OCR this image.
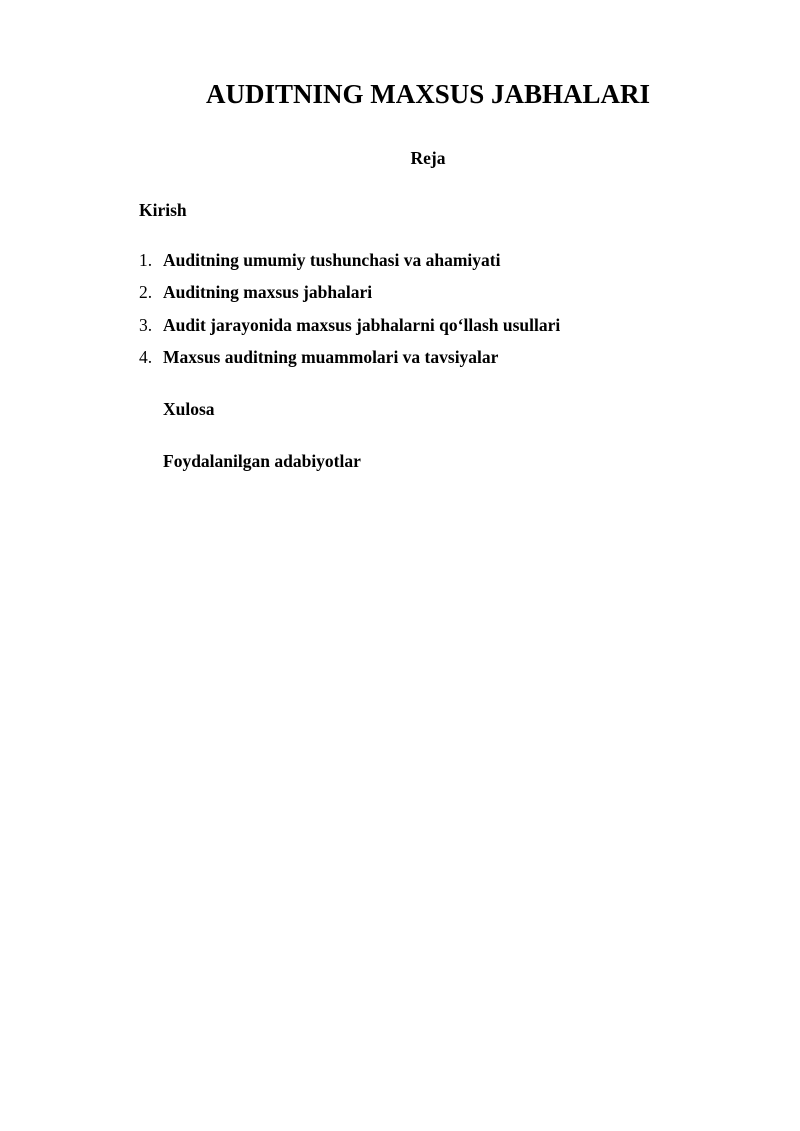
AUDITNING MAXSUS JABHALARI

Reja

Kirish

1. Auditning umumiy tushunchasi va ahamiyati
2. Auditning maxsus jabhalari
3. Audit jarayonida maxsus jabhalarni qo‘llash usullari
4. Maxsus auditning muammolari va tavsiyalar

Xulosa

Foydalanilgan adabiyotlar
